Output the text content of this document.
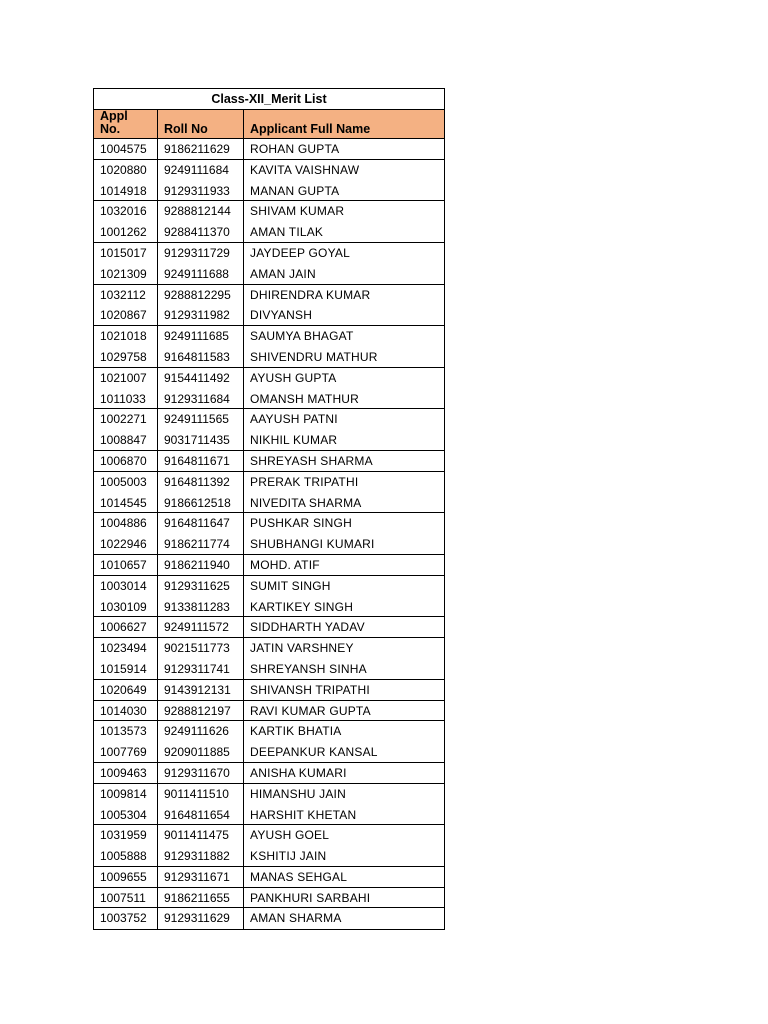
Class-XII_Merit List
Appl
No.	Roll No	Applicant Full Name
1004575	9186211629	ROHAN GUPTA
1020880	9249111684	KAVITA VAISHNAW
1014918	9129311933	MANAN GUPTA
1032016	9288812144	SHIVAM KUMAR
1001262	9288411370	AMAN TILAK
1015017	9129311729	JAYDEEP GOYAL
1021309	9249111688	AMAN JAIN
1032112	9288812295	DHIRENDRA KUMAR
1020867	9129311982	DIVYANSH
1021018	9249111685	SAUMYA BHAGAT
1029758	9164811583	SHIVENDRU MATHUR
1021007	9154411492	AYUSH GUPTA
1011033	9129311684	OMANSH MATHUR
1002271	9249111565	AAYUSH PATNI
1008847	9031711435	NIKHIL KUMAR
1006870	9164811671	SHREYASH SHARMA
1005003	9164811392	PRERAK TRIPATHI
1014545	9186612518	NIVEDITA SHARMA
1004886	9164811647	PUSHKAR SINGH
1022946	9186211774	SHUBHANGI KUMARI
1010657	9186211940	MOHD. ATIF
1003014	9129311625	SUMIT SINGH
1030109	9133811283	KARTIKEY SINGH
1006627	9249111572	SIDDHARTH YADAV
1023494	9021511773	JATIN VARSHNEY
1015914	9129311741	SHREYANSH SINHA
1020649	9143912131	SHIVANSH TRIPATHI
1014030	9288812197	RAVI KUMAR GUPTA
1013573	9249111626	KARTIK BHATIA
1007769	9209011885	DEEPANKUR KANSAL
1009463	9129311670	ANISHA KUMARI
1009814	9011411510	HIMANSHU JAIN
1005304	9164811654	HARSHIT KHETAN
1031959	9011411475	AYUSH GOEL
1005888	9129311882	KSHITIJ JAIN
1009655	9129311671	MANAS SEHGAL
1007511	9186211655	PANKHURI SARBAHI
1003752	9129311629	AMAN SHARMA
